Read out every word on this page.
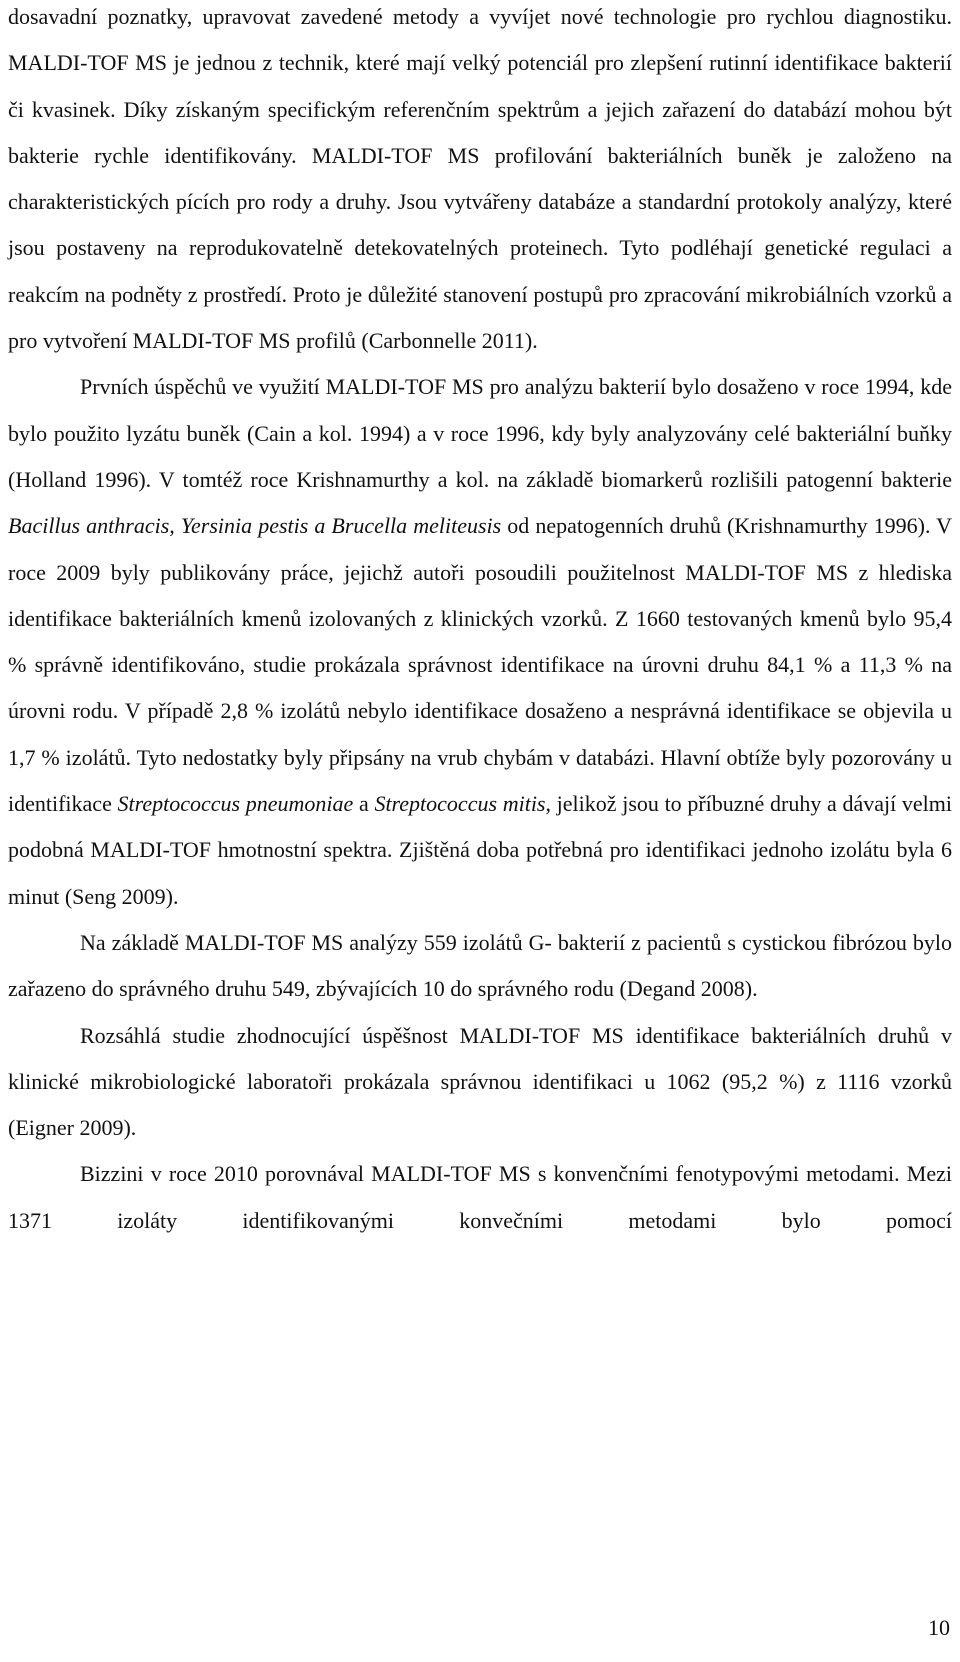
dosavadní poznatky, upravovat zavedené metody a vyvíjet nové technologie pro rychlou diagnostiku. MALDI-TOF MS je jednou z technik, které mají velký potenciál pro zlepšení rutinní identifikace bakterií či kvasinek. Díky získaným specifickým referenčním spektrům a jejich zařazení do databází mohou být bakterie rychle identifikovány. MALDI-TOF MS profilování bakteriálních buněk je založeno na charakteristických pících pro rody a druhy. Jsou vytvářeny databáze a standardní protokoly analýzy, které jsou postaveny na reprodukovatelně detekovatelných proteinech. Tyto podléhají genetické regulaci a reakcím na podněty z prostředí. Proto je důležité stanovení postupů pro zpracování mikrobiálních vzorků a pro vytvoření MALDI-TOF MS profilů (Carbonnelle 2011).

Prvních úspěchů ve využití MALDI-TOF MS pro analýzu bakterií bylo dosaženo v roce 1994, kde bylo použito lyzátu buněk (Cain a kol. 1994) a v roce 1996, kdy byly analyzovány celé bakteriální buňky (Holland 1996). V tomtéž roce Krishnamurthy a kol. na základě biomarkerů rozlišili patogenní bakterie Bacillus anthracis, Yersinia pestis a Brucella meliteusis od nepatogenních druhů (Krishnamurthy 1996). V roce 2009 byly publikovány práce, jejichž autoři posoudili použitelnost MALDI-TOF MS z hlediska identifikace bakteriálních kmenů izolovaných z klinických vzorků. Z 1660 testovaných kmenů bylo 95,4 % správně identifikováno, studie prokázala správnost identifikace na úrovni druhu 84,1 % a 11,3 % na úrovni rodu. V případě 2,8 % izolátů nebylo identifikace dosaženo a nesprávná identifikace se objevila u 1,7 % izolátů. Tyto nedostatky byly připsány na vrub chybám v databázi. Hlavní obtíže byly pozorovány u identifikace Streptococcus pneumoniae a Streptococcus mitis, jelikož jsou to příbuzné druhy a dávají velmi podobná MALDI-TOF hmotnostní spektra. Zjištěná doba potřebná pro identifikaci jednoho izolátu byla 6 minut (Seng 2009).

Na základě MALDI-TOF MS analýzy 559 izolátů G- bakterií z pacientů s cystickou fibrózou bylo zařazeno do správného druhu 549, zbývajících 10 do správného rodu (Degand 2008).

Rozsáhlá studie zhodnocující úspěšnost MALDI-TOF MS identifikace bakteriálních druhů v klinické mikrobiologické laboratoři prokázala správnou identifikaci u 1062 (95,2 %) z 1116 vzorků (Eigner 2009).

Bizzini v roce 2010 porovnával MALDI-TOF MS s konvenčními fenotypovými metodami. Mezi 1371 izoláty identifikovanými konvečními metodami bylo pomocí

10
